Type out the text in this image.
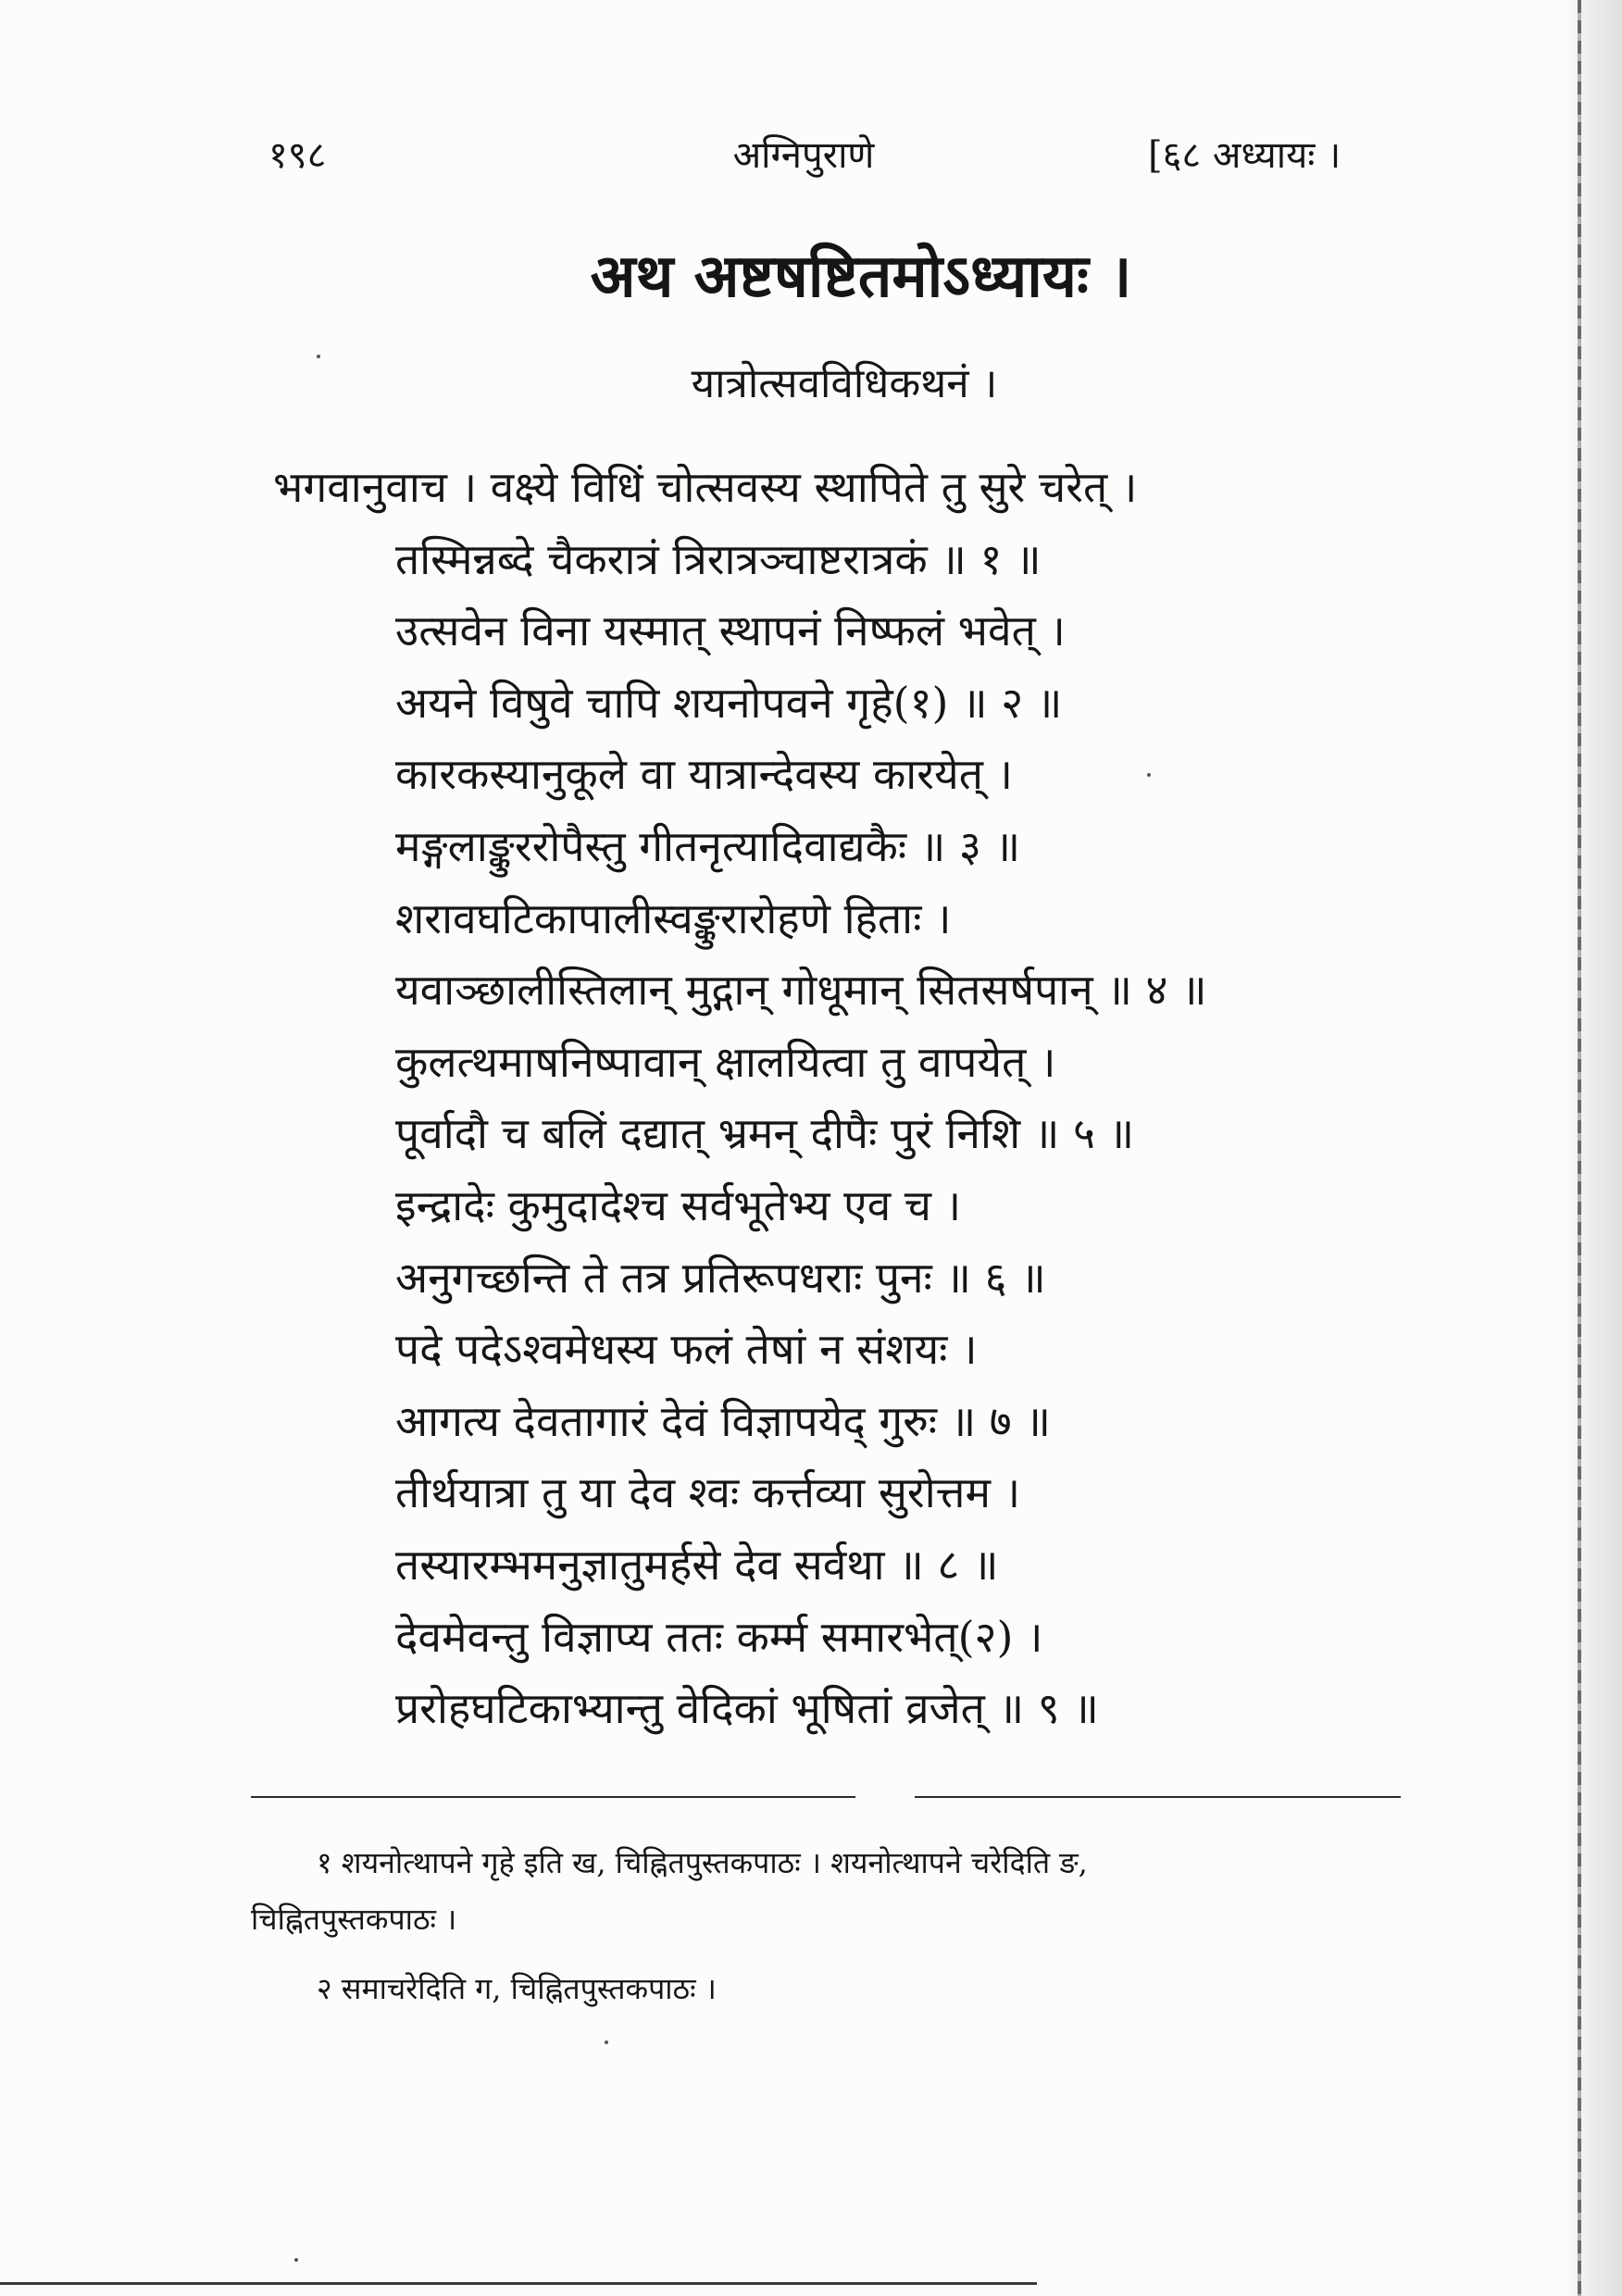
१९८	अग्निपुराणे	[६८ अध्यायः ।
अथ अष्टषष्टितमोऽध्यायः ।
यात्रोत्सवविधिकथनं ।
भगवानुवाच । वक्ष्ये विधिं चोत्सवस्य स्थापिते तु सुरे चरेत् ।
तस्मिन्नब्दे चैकरात्रं त्रिरात्रञ्चाष्टरात्रकं ॥ १ ॥
उत्सवेन विना यस्मात् स्थापनं निष्फलं भवेत् ।
अयने विषुवे चापि शयनोपवने गृहे(१) ॥ २ ॥
कारकस्यानुकूले वा यात्रान्देवस्य कारयेत् ।
मङ्गलाङ्कुररोपैस्तु गीतनृत्यादिवाद्यकैः ॥ ३ ॥
शरावघटिकापालीस्वङ्कुरारोहणे हिताः ।
यवाञ्छालीस्तिलान् मुद्गान् गोधूमान् सितसर्षपान् ॥ ४ ॥
कुलत्थमाषनिष्पावान् क्षालयित्वा तु वापयेत् ।
पूर्वादौ च बलिं दद्यात् भ्रमन् दीपैः पुरं निशि ॥ ५ ॥
इन्द्रादेः कुमुदादेश्च सर्वभूतेभ्य एव च ।
अनुगच्छन्ति ते तत्र प्रतिरूपधराः पुनः ॥ ६ ॥
पदे पदेऽश्वमेधस्य फलं तेषां न संशयः ।
आगत्य देवतागारं देवं विज्ञापयेद् गुरुः ॥ ७ ॥
तीर्थयात्रा तु या देव श्वः कर्त्तव्या सुरोत्तम ।
तस्यारम्भमनुज्ञातुमर्हसे देव सर्वथा ॥ ८ ॥
देवमेवन्तु विज्ञाप्य ततः कर्म्म समारभेत्(२) ।
प्ररोहघटिकाभ्यान्तु वेदिकां भूषितां व्रजेत् ॥ ९ ॥
१ शयनोत्थापने गृहे इति ख, चिह्नितपुस्तकपाठः । शयनोत्थापने चरेदिति ङ,
चिह्नितपुस्तकपाठः ।
२ समाचरेदिति ग, चिह्नितपुस्तकपाठः ।
